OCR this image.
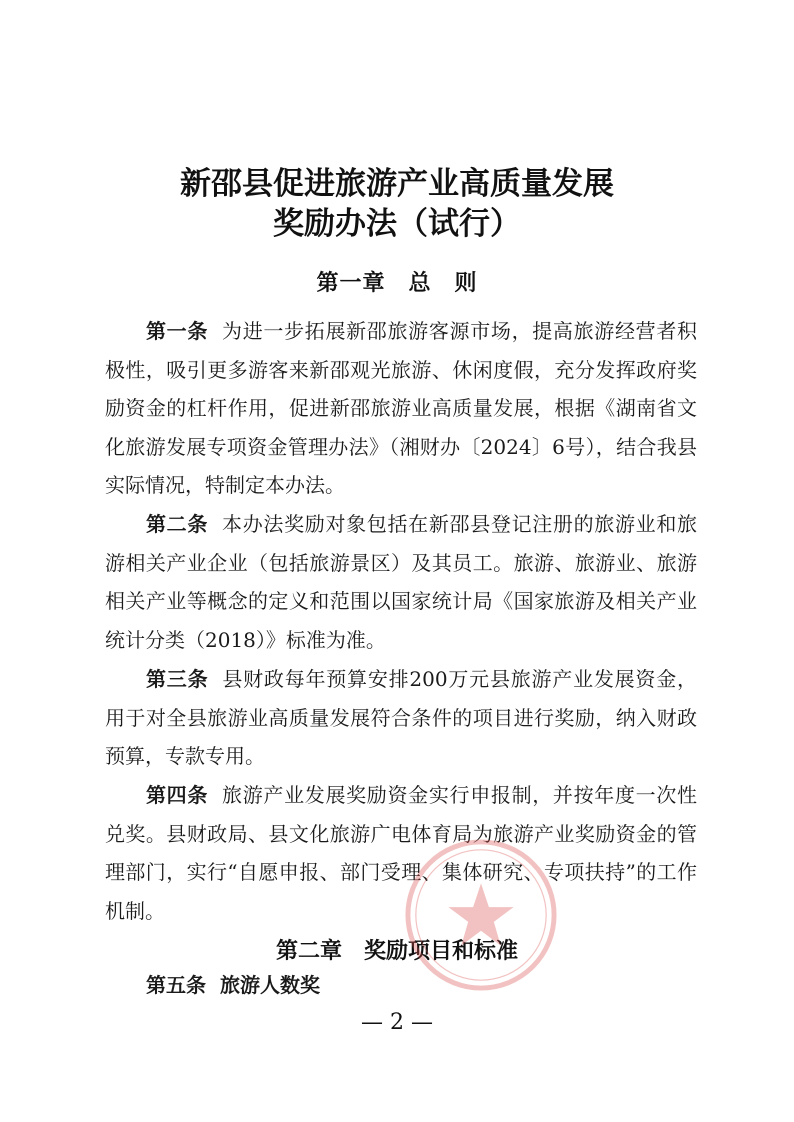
新邵县促进旅游产业高质量发展
奖励办法（试行）
第一章　总　则
第一条 为进一步拓展新邵旅游客源市场，提高旅游经营者积极性，吸引更多游客来新邵观光旅游、休闲度假，充分发挥政府奖励资金的杠杆作用，促进新邵旅游业高质量发展，根据《湖南省文化旅游发展专项资金管理办法》（湘财办〔2024〕6号），结合我县实际情况，特制定本办法。
第二条 本办法奖励对象包括在新邵县登记注册的旅游业和旅游相关产业企业（包括旅游景区）及其员工。旅游、旅游业、旅游相关产业等概念的定义和范围以国家统计局《国家旅游及相关产业统计分类（2018）》标准为准。
第三条 县财政每年预算安排200万元县旅游产业发展资金，用于对全县旅游业高质量发展符合条件的项目进行奖励，纳入财政预算，专款专用。
第四条 旅游产业发展奖励资金实行申报制，并按年度一次性兑奖。县财政局、县文化旅游广电体育局为旅游产业奖励资金的管理部门，实行“自愿申报、部门受理、集体研究、专项扶持”的工作机制。
第二章　奖励项目和标准
第五条 旅游人数奖
— 2 —
